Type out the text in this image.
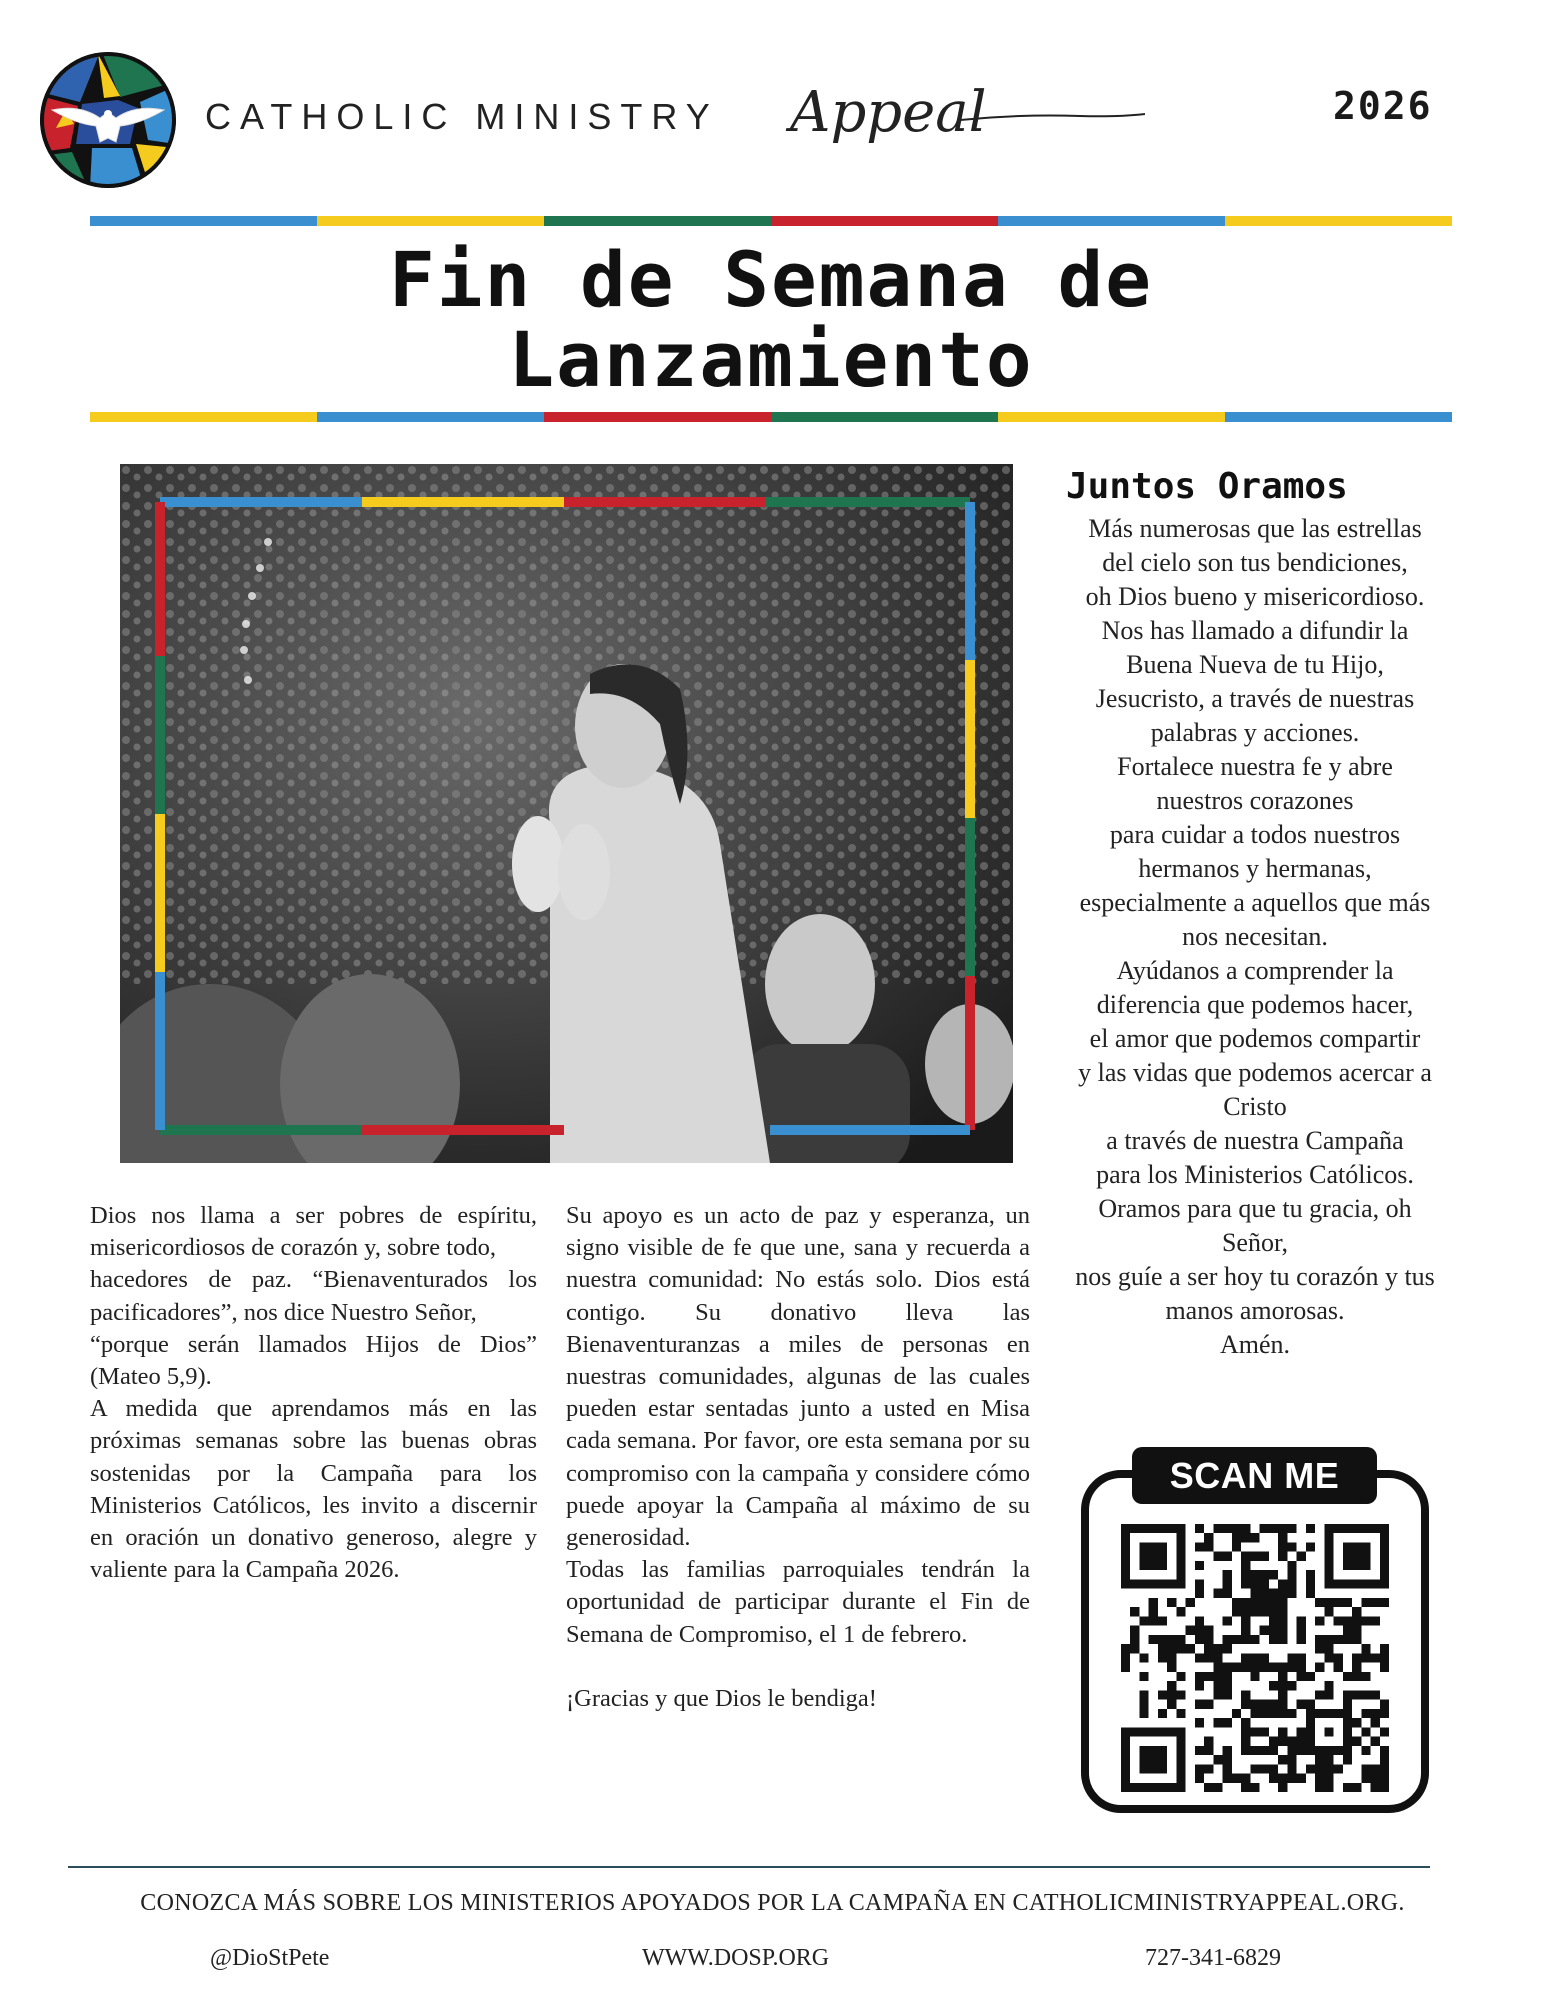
CATHOLIC MINISTRY Appeal	2026
Fin de Semana de
Lanzamiento
Juntos Oramos
Más numerosas que las estrellas
del cielo son tus bendiciones,
oh Dios bueno y misericordioso.
Nos has llamado a difundir la
Buena Nueva de tu Hijo,
Jesucristo, a través de nuestras
palabras y acciones.
Fortalece nuestra fe y abre
nuestros corazones
para cuidar a todos nuestros
hermanos y hermanas,
especialmente a aquellos que más
nos necesitan.
Ayúdanos a comprender la
diferencia que podemos hacer,
el amor que podemos compartir
y las vidas que podemos acercar a
Cristo
a través de nuestra Campaña
para los Ministerios Católicos.
Oramos para que tu gracia, oh
Señor,
nos guíe a ser hoy tu corazón y tus
manos amorosas.
Amén.

Dios nos llama a ser pobres de espíritu, misericordiosos de corazón y, sobre todo,

hacedores de paz. “Bienaventurados los pacificadores”, nos dice Nuestro Señor,

“porque serán llamados Hijos de Dios” (Mateo 5,9).

A medida que aprendamos más en las próximas semanas sobre las buenas obras sostenidas por la Campaña para los Ministerios Católicos, les invito a discernir en oración un donativo generoso, alegre y valiente para la Campaña 2026.

Su apoyo es un acto de paz y esperanza, un signo visible de fe que une, sana y recuerda a nuestra comunidad: No estás solo. Dios está contigo. Su donativo lleva las Bienaventuranzas a miles de personas en nuestras comunidades, algunas de las cuales pueden estar sentadas junto a usted en Misa cada semana. Por favor, ore esta semana por su compromiso con la campaña y considere cómo puede apoyar la Campaña al máximo de su generosidad.

Todas las familias parroquiales tendrán la oportunidad de participar durante el Fin de Semana de Compromiso, el 1 de febrero.

¡Gracias y que Dios le bendiga!

SCAN ME
CONOZCA MÁS SOBRE LOS MINISTERIOS APOYADOS POR LA CAMPAÑA EN CATHOLICMINISTRYAPPEAL.ORG.
@DioStPete	WWW.DOSP.ORG	727-341-6829
